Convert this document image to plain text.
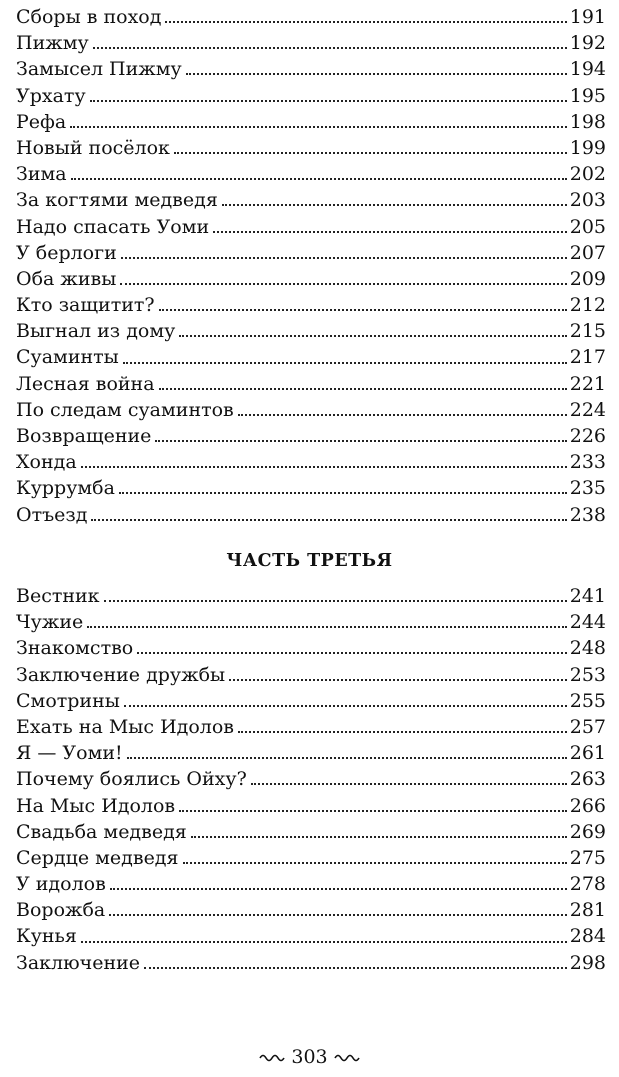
Сборы в поход	191
Пижму	192
Замысел Пижму	194
Урхату	195
Рефа	198
Новый посёлок	199
Зима	202
За когтями медведя	203
Надо спасать Уоми	205
У берлоги	207
Оба живы	209
Кто защитит?	212
Выгнал из дому	215
Суаминты	217
Лесная война	221
По следам суаминтов	224
Возвращение	226
Хонда	233
Куррумба	235
Отъезд	238
ЧАСТЬ ТРЕТЬЯ
Вестник	241
Чужие	244
Знакомство	248
Заключение дружбы	253
Смотрины	255
Ехать на Мыс Идолов	257
Я — Уоми!	261
Почему боялись Ойху?	263
На Мыс Идолов	266
Свадьба медведя	269
Сердце медведя	275
У идолов	278
Ворожба	281
Кунья	284
Заключение	298
303
